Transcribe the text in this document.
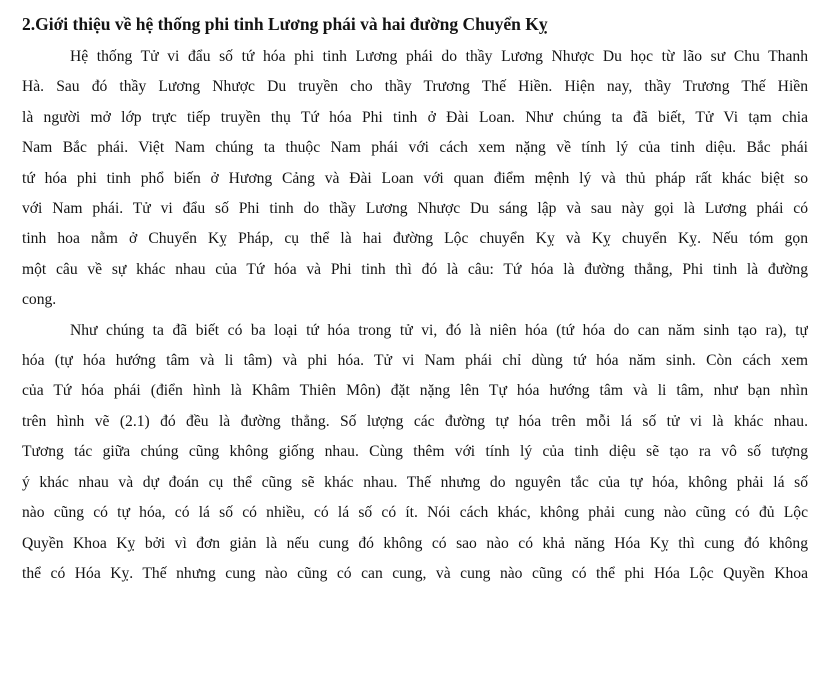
2.Giới thiệu về hệ thống phi tinh Lương phái và hai đường Chuyển Kỵ

Hệ thống Tử vi đẩu số tứ hóa phi tinh Lương phái do thầy Lương Nhược Du học từ lão sư Chu Thanh

Hà. Sau đó thầy Lương Nhược Du truyền cho thầy Trương Thế Hiền. Hiện nay, thầy Trương Thế Hiền

là người mở lớp trực tiếp truyền thụ Tứ hóa Phi tinh ở Đài Loan. Như chúng ta đã biết, Tử Vi tạm chia

Nam Bắc phái. Việt Nam chúng ta thuộc Nam phái với cách xem nặng về tính lý của tinh diệu. Bắc phái

tứ hóa phi tinh phổ biến ở Hương Cảng và Đài Loan với quan điểm mệnh lý và thủ pháp rất khác biệt so

với Nam phái. Tử vi đẩu số Phi tinh do thầy Lương Nhược Du sáng lập và sau này gọi là Lương phái có

tinh hoa nằm ở Chuyển Kỵ Pháp, cụ thể là hai đường Lộc chuyển Kỵ và Kỵ chuyển Kỵ. Nếu tóm gọn

một câu về sự khác nhau của Tứ hóa và Phi tinh thì đó là câu: Tứ hóa là đường thẳng, Phi tinh là đường

cong.

Như chúng ta đã biết có ba loại tứ hóa trong tử vi, đó là niên hóa (tứ hóa do can năm sinh tạo ra), tự

hóa (tự hóa hướng tâm và li tâm) và phi hóa. Tử vi Nam phái chỉ dùng tứ hóa năm sinh. Còn cách xem

của Tứ hóa phái (điển hình là Khâm Thiên Môn) đặt nặng lên Tự hóa hướng tâm và li tâm, như bạn nhìn

trên hình vẽ (2.1) đó đều là đường thẳng. Số lượng các đường tự hóa trên mỗi lá số tử vi là khác nhau.

Tương tác giữa chúng cũng không giống nhau. Cùng thêm với tính lý của tinh diệu sẽ tạo ra vô số tượng

ý khác nhau và dự đoán cụ thể cũng sẽ khác nhau. Thế nhưng do nguyên tắc của tự hóa, không phải lá số

nào cũng có tự hóa, có lá số có nhiều, có lá số có ít. Nói cách khác, không phải cung nào cũng có đủ Lộc

Quyền Khoa Kỵ bởi vì đơn giản là nếu cung đó không có sao nào có khả năng Hóa Kỵ thì cung đó không

thể có Hóa Kỵ. Thế nhưng cung nào cũng có can cung, và cung nào cũng có thể phi Hóa Lộc Quyền Khoa
